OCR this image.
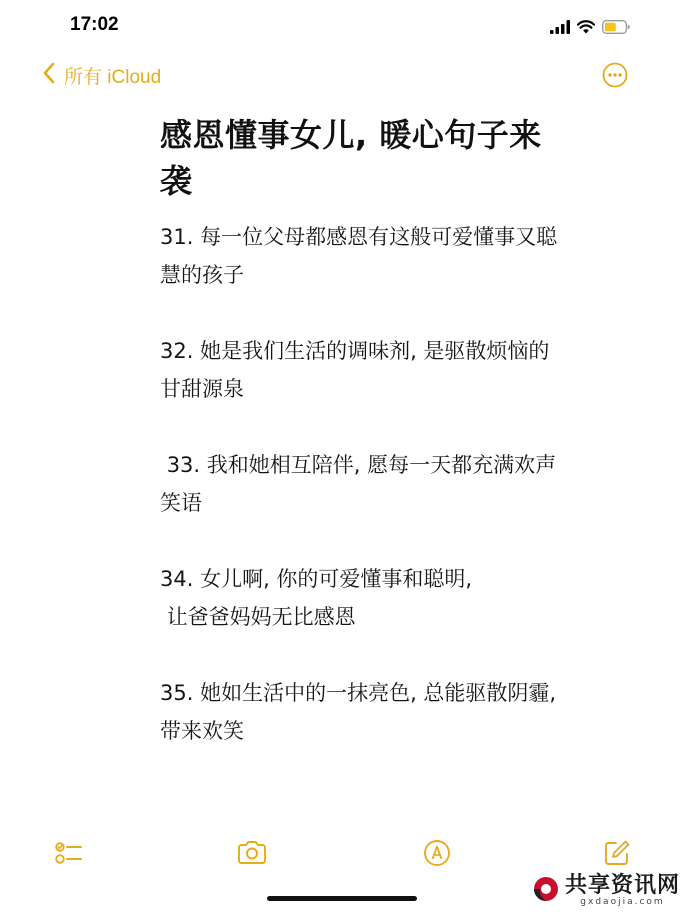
17:02
所有 iCloud
感恩懂事女儿, 暖心句子来袭

31. 每一位父母都感恩有这般可爱懂事又聪慧的孩子

32. 她是我们生活的调味剂, 是驱散烦恼的甘甜源泉

33. 我和她相互陪伴, 愿每一天都充满欢声笑语

34. 女儿啊, 你的可爱懂事和聪明,
让爸爸妈妈无比感恩

35. 她如生活中的一抹亮色, 总能驱散阴霾, 带来欢笑

共享资讯网
gxdaojia.com
